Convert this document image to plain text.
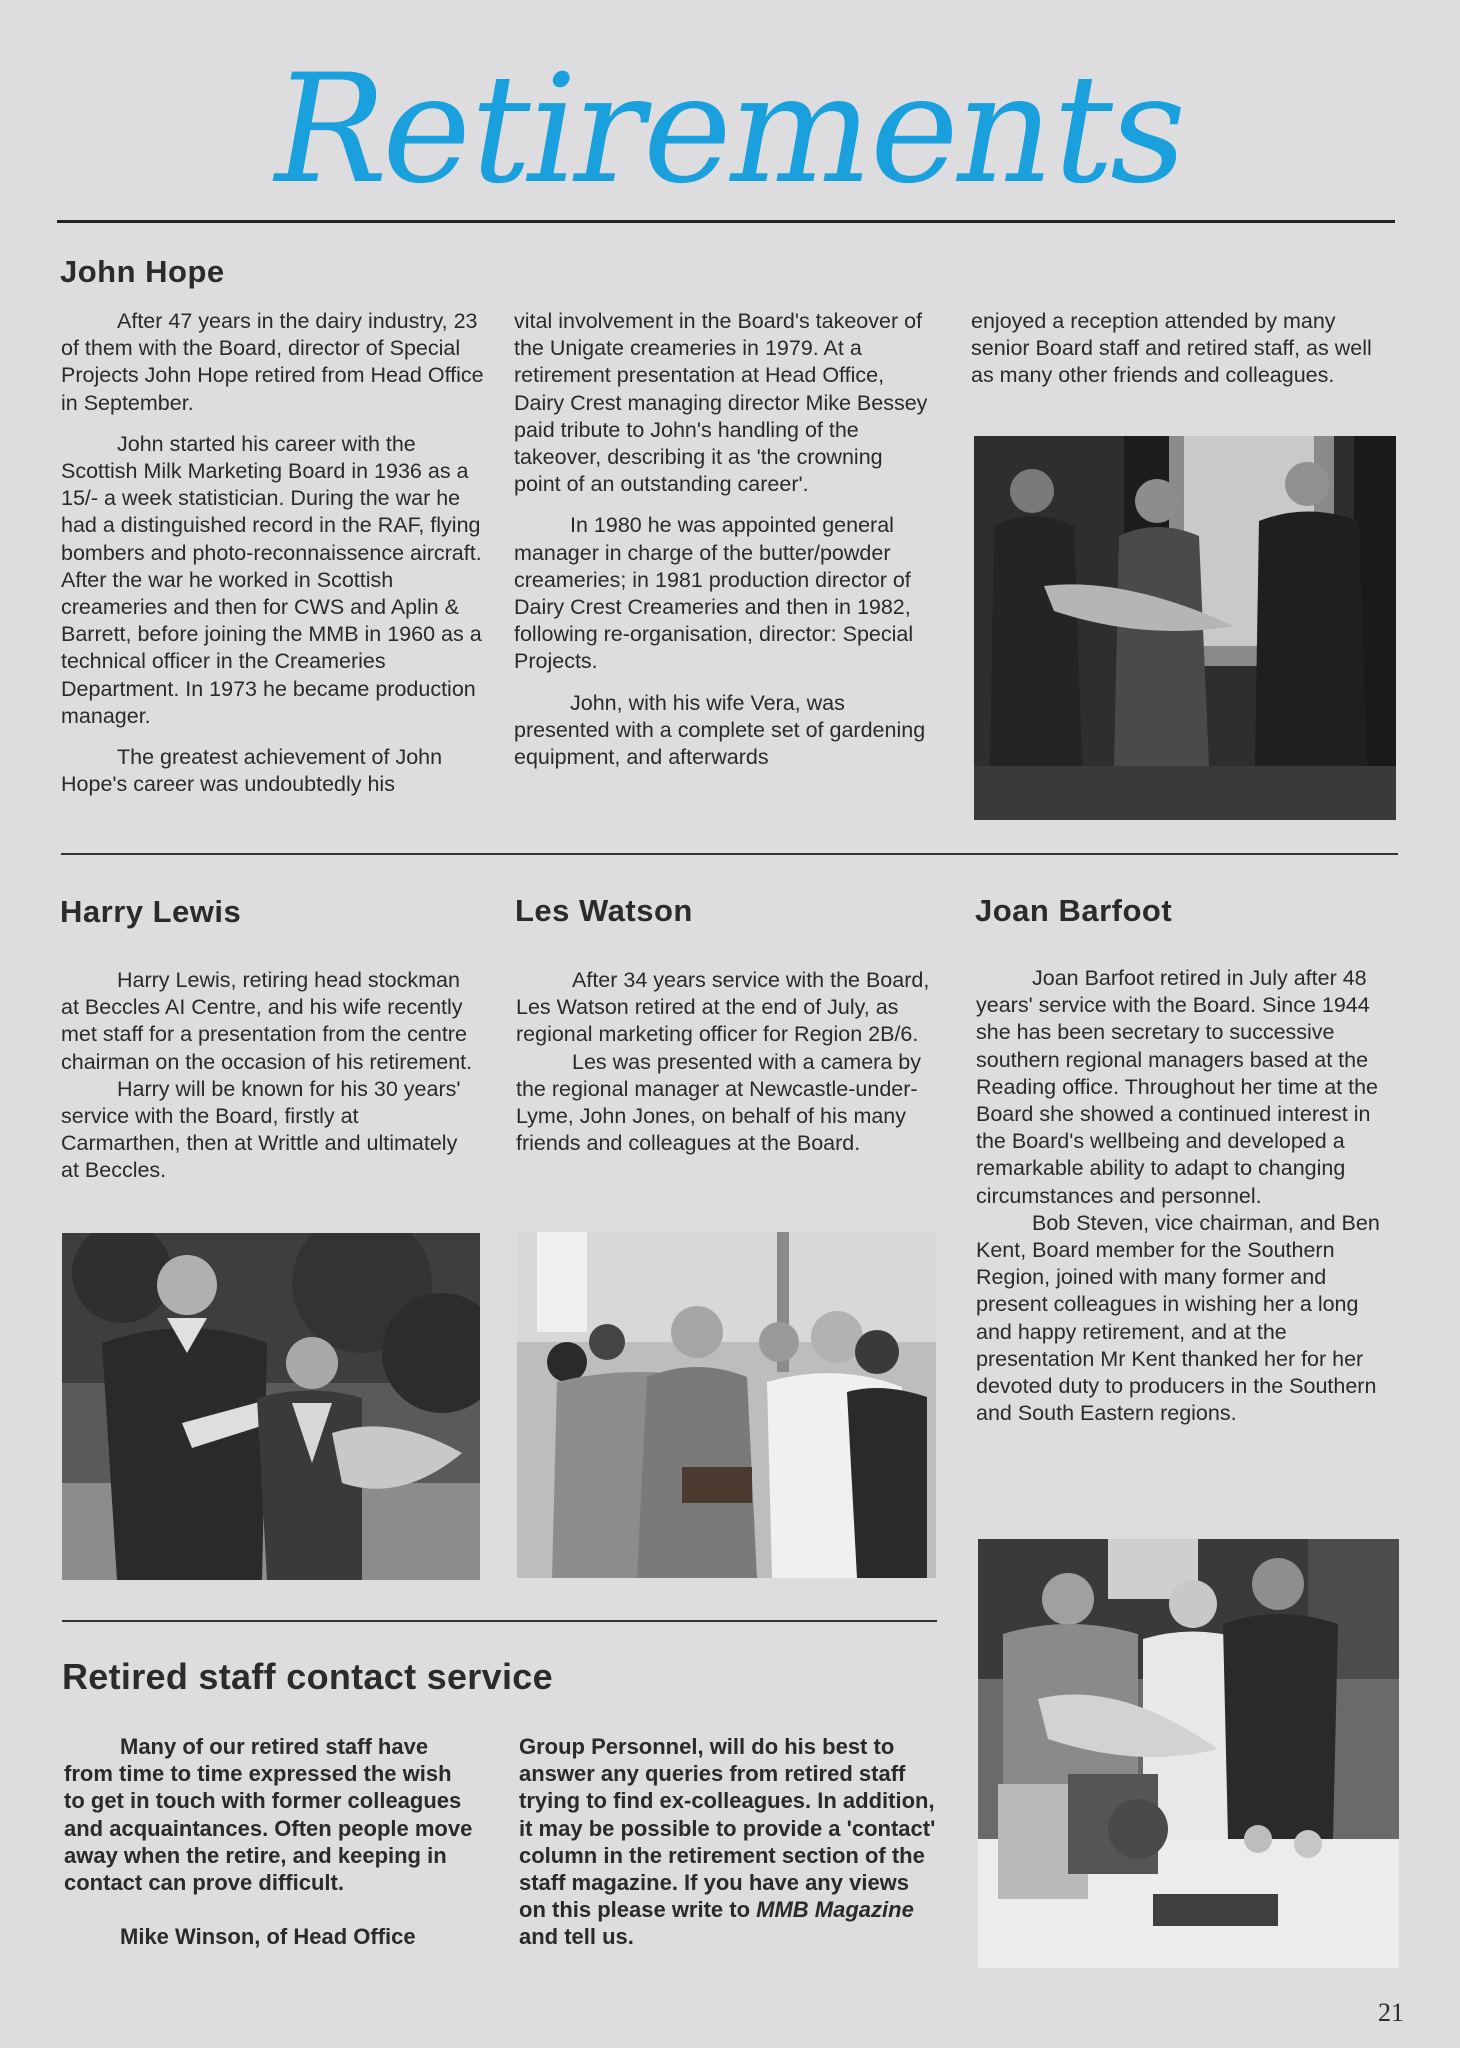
Retirements
John Hope

After 47 years in the dairy industry, 23 of them with the Board, director of Special Projects John Hope retired from Head Office in September.

John started his career with the Scottish Milk Marketing Board in 1936 as a 15/- a week statistician. During the war he had a distinguished record in the RAF, flying bombers and photo-reconnaissence aircraft. After the war he worked in Scottish creameries and then for CWS and Aplin & Barrett, before joining the MMB in 1960 as a technical officer in the Creameries Department. In 1973 he became production manager.

The greatest achievement of John Hope's career was undoubtedly his

vital involvement in the Board's takeover of the Unigate creameries in 1979. At a retirement presentation at Head Office, Dairy Crest managing director Mike Bessey paid tribute to John's handling of the takeover, describing it as 'the crowning point of an outstanding career'.

In 1980 he was appointed general manager in charge of the butter/powder creameries; in 1981 production director of Dairy Crest Creameries and then in 1982, following re-organisation, director: Special Projects.

John, with his wife Vera, was presented with a complete set of gardening equipment, and afterwards

enjoyed a reception attended by many senior Board staff and retired staff, as well as many other friends and colleagues.

Harry Lewis

Harry Lewis, retiring head stockman at Beccles AI Centre, and his wife recently met staff for a presentation from the centre chairman on the occasion of his retirement.

Harry will be known for his 30 years' service with the Board, firstly at Carmarthen, then at Writtle and ultimately at Beccles.

Les Watson

After 34 years service with the Board, Les Watson retired at the end of July, as regional marketing officer for Region 2B/6.

Les was presented with a camera by the regional manager at Newcastle-under-Lyme, John Jones, on behalf of his many friends and colleagues at the Board.

Joan Barfoot

Joan Barfoot retired in July after 48 years' service with the Board. Since 1944 she has been secretary to successive southern regional managers based at the Reading office. Throughout her time at the Board she showed a continued interest in the Board's wellbeing and developed a remarkable ability to adapt to changing circumstances and personnel.

Bob Steven, vice chairman, and Ben Kent, Board member for the Southern Region, joined with many former and present colleagues in wishing her a long and happy retirement, and at the presentation Mr Kent thanked her for her devoted duty to producers in the Southern and South Eastern regions.

Retired staff contact service

Many of our retired staff have from time to time expressed the wish to get in touch with former colleagues and acquaintances. Often people move away when the retire, and keeping in contact can prove difficult.

Mike Winson, of Head Office

Group Personnel, will do his best to answer any queries from retired staff trying to find ex-colleagues. In addition, it may be possible to provide a 'contact' column in the retirement section of the staff magazine. If you have any views on this please write to MMB Magazine and tell us.

21
